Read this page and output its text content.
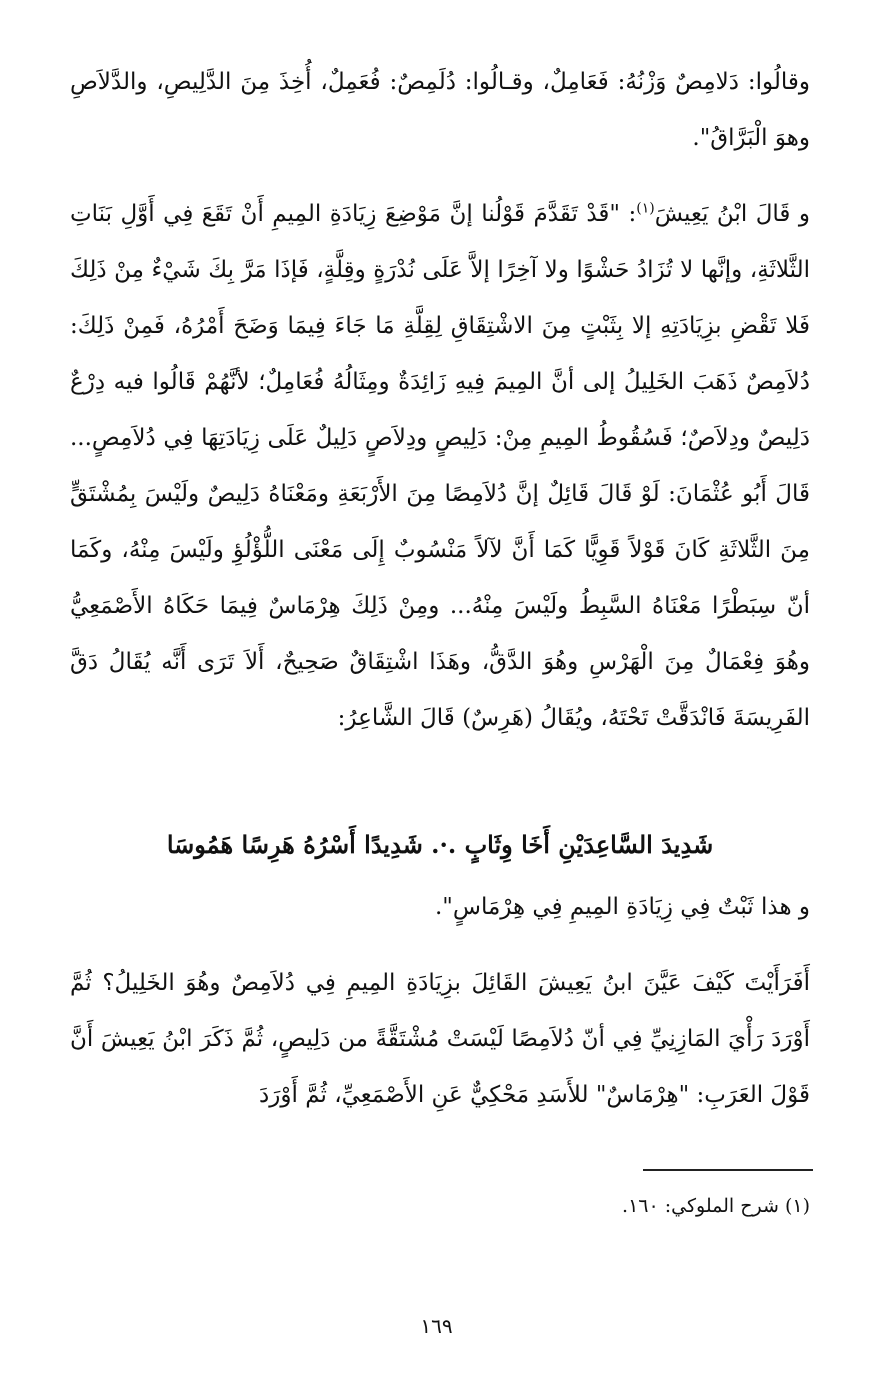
وقالُوا: دَلامِصٌ وَزْنُهُ: فَعَامِلٌ، وقـالُوا: دُلَمِصٌ: فُعَمِلٌ، أُخِذَ مِنَ الدَّلِيصِ، والدَّلاَصِ وهوَ الْبَرَّاقُ".

و قَالَ ابْنُ يَعِيشَ$^{(١)}$: "قَدْ تَقَدَّمَ قَوْلُنا إنَّ مَوْضِعَ زِيَادَةِ المِيمِ أَنْ تَقَعَ فِي أَوَّلِ بَنَاتِ الثَّلاثَةِ، وإنَّها لا تُزَادُ حَشْوًا ولا آخِرًا إلاَّ عَلَى نُدْرَةٍ وقِلَّةٍ، فَإذَا مَرَّ بِكَ شَيْءٌ مِنْ ذَلِكَ فَلا تَقْضِ بزِيَادَتِهِ إلا بِثَبْتٍ مِنَ الاشْتِقَاقِ لِقِلَّةِ مَا جَاءَ فِيمَا وَضَحَ أَمْرُهُ، فَمِنْ ذَلِكَ: دُلاَمِصٌ ذَهَبَ الخَلِيلُ إلى أنَّ المِيمَ فِيهِ زَائِدَةٌ ومِثَالُهُ فُعَامِلٌ؛ لأنَّهُمْ قَالُوا فيه دِرْعٌ دَلِيصٌ ودِلاَصٌ؛ فَسُقُوطُ المِيمِ مِنْ: دَلِيصٍ ودِلاَصٍ دَلِيلٌ عَلَى زِيَادَتِهَا فِي دُلاَمِصٍ... قَالَ أَبُو عُثْمَانَ: لَوْ قَالَ قَائِلٌ إنَّ دُلاَمِصًا مِنَ الأَرْبَعَةِ ومَعْنَاهُ دَلِيصٌ ولَيْسَ بِمُشْتَقٍّ مِنَ الثَّلاثَةِ كَانَ قَوْلاً قَوِيًّا كَمَا أَنَّ لآلاً مَنْسُوبٌ إِلَى مَعْنَى اللُّؤْلُؤِ ولَيْسَ مِنْهُ، وكَمَا أنّ سِبَطْرًا مَعْنَاهُ السَّبِطُ ولَيْسَ مِنْهُ... ومِنْ ذَلِكَ هِرْمَاسٌ فِيمَا حَكَاهُ الأَصْمَعِيُّ وهُوَ فِعْمَالٌ مِنَ الْهَرْسِ وهُوَ الدَّقُّ، وهَذَا اشْتِقَاقٌ صَحِيحٌ، أَلاَ تَرَى أَنَّه يُقَالُ دَقَّ الفَرِيسَةَ فَانْدَقَّتْ تَحْتَهُ، ويُقَالُ (هَرِسٌ) قَالَ الشَّاعِرُ:

شَدِيدَ السَّاعِدَيْنِ أَخَا وِثَابٍ .·. شَدِيدًا أَسْرُهُ هَرِسًا هَمُوسَا

و هذا ثَبْتٌ فِي زِيَادَةِ المِيمِ فِي هِرْمَاسٍ".

أَفَرَأَيْتَ كَيْفَ عَيَّنَ ابنُ يَعِيشَ القَائِلَ بزِيَادَةِ المِيمِ فِي دُلاَمِصٌ وهُوَ الخَلِيلُ؟ ثُمَّ أَوْرَدَ رَأْيَ المَازِنِيِّ فِي أنّ دُلاَمِصًا لَيْسَتْ مُشْتَقَّةً من دَلِيصٍ، ثُمَّ ذَكَرَ ابْنُ يَعِيشَ أَنَّ قَوْلَ العَرَبِ: "هِرْمَاسٌ" للأَسَدِ مَحْكِيٌّ عَنِ الأَصْمَعِيِّ، ثُمَّ أَوْرَدَ

(١) شرح الملوكي: ١٦٠.
١٦٩
